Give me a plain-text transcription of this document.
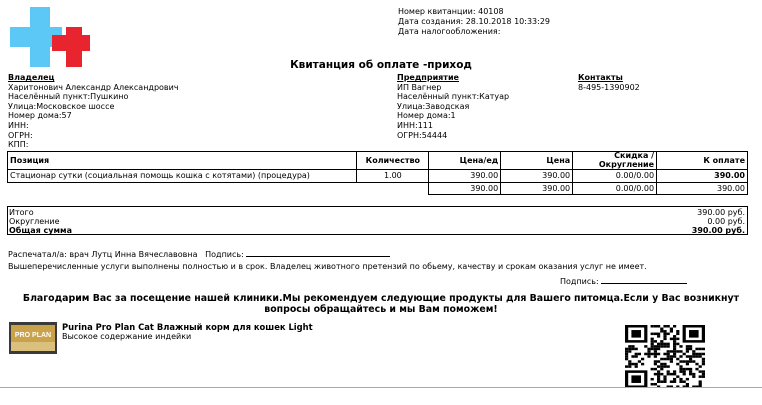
Номер квитанции: 40108
Дата создания: 28.10.2018 10:33:29
Дата налогообложения:
Квитанция об оплате -приход
Владелец
Харитонович Александр Александрович
Населённый пункт:Пушкино
Улица:Московское шоссе
Номер дома:57
ИНН:
ОГРН:
КПП:
Предприятие
ИП Вагнер
Населённый пункт:Катуар
Улица:Заводская
Номер дома:1
ИНН:111
ОГРН:54444
Контакты
8-495-1390902
Позиция	Количество	Цена/ед	Цена	Скидка / Округление	К оплате
Стационар сутки (социальная помощь кошка с котятами) (процедура)	1.00	390.00	390.00	0.00/0.00	390.00
		390.00	390.00	0.00/0.00	390.00
Итого	390.00 руб.
Округление	0.00 руб.
Общая сумма	390.00 руб.
Распечатал/а: врач Лутц Инна Вячеславовна   Подпись:
Вышеперечисленные услуги выполнены полностью и в срок. Владелец животного претензий по обьему, качеству и срокам оказания услуг не имеет.
Подпись:
Благодарим Вас за посещение нашей клиники.Мы рекомендуем следующие продукты для Вашего питомца.Если у Вас возникнут
вопросы обращайтесь и мы Вам поможем!
PRO PLAN
Purina Pro Plan Cat Влажный корм для кошек Light
Высокое содержание индейки
